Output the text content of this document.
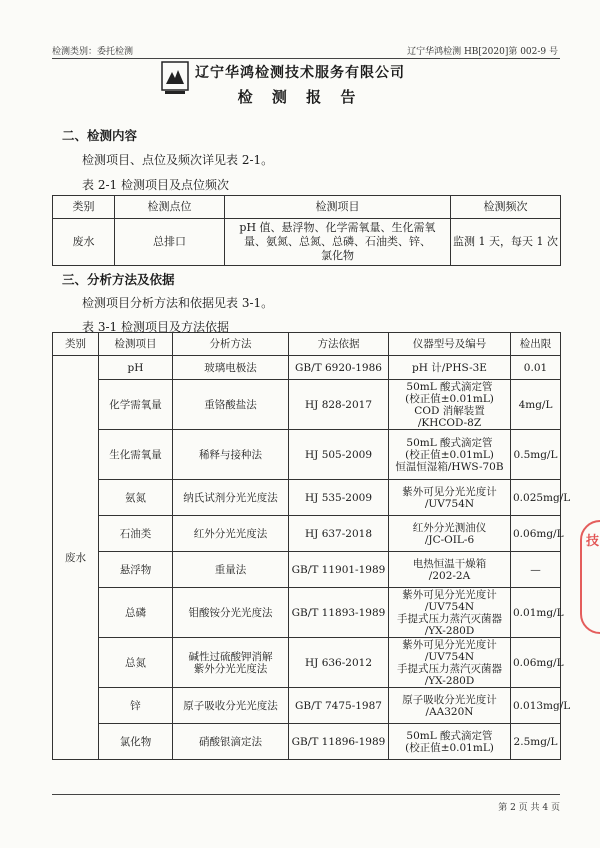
检测类别：委托检测	辽宁华鸿检测 HB[2020]第 002-9 号
辽宁华鸿检测技术服务有限公司
检 测 报 告
二、检测内容
检测项目、点位及频次详见表 2-1。
表 2-1 检测项目及点位频次
类别	检测点位	检测项目	检测频次
废水	总排口	pH 值、悬浮物、化学需氧量、生化需氧量、氨氮、总氮、总磷、石油类、锌、氯化物	监测 1 天，每天 1 次
三、分析方法及依据
检测项目分析方法和依据见表 3-1。
表 3-1 检测项目及方法依据
类别	检测项目	分析方法	方法依据	仪器型号及编号	检出限
废水	pH	玻璃电极法	GB/T 6920-1986	pH 计/PHS-3E	0.01
	化学需氧量	重铬酸盐法	HJ 828-2017	50mL 酸式滴定管
(校正值±0.01mL)
COD 消解装置
/KHCOD-8Z	4mg/L
	生化需氧量	稀释与接种法	HJ 505-2009	50mL 酸式滴定管
(校正值±0.01mL)
恒温恒湿箱/HWS-70B	0.5mg/L
	氨氮	纳氏试剂分光光度法	HJ 535-2009	紫外可见分光光度计
/UV754N	0.025mg/L
	石油类	红外分光光度法	HJ 637-2018	红外分光测油仪
/JC-OIL-6	0.06mg/L
	悬浮物	重量法	GB/T 11901-1989	电热恒温干燥箱
/202-2A	—
	总磷	钼酸铵分光光度法	GB/T 11893-1989	紫外可见分光光度计
/UV754N
手提式压力蒸汽灭菌器
/YX-280D	0.01mg/L
	总氮	碱性过硫酸钾消解
紫外分光光度法	HJ 636-2012	紫外可见分光光度计
/UV754N
手提式压力蒸汽灭菌器
/YX-280D	0.06mg/L
	锌	原子吸收分光光度法	GB/T 7475-1987	原子吸收分光光度计
/AA320N	0.013mg/L
	氯化物	硝酸银滴定法	GB/T 11896-1989	50mL 酸式滴定管
(校正值±0.01mL)	2.5mg/L
技
第 2 页 共 4 页
